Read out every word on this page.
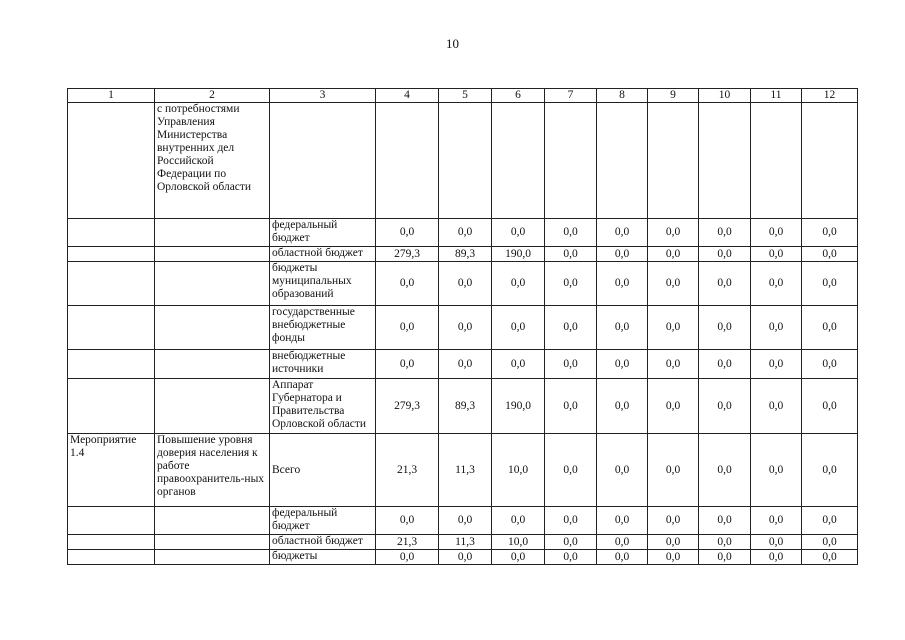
10
1	2	3	4	5	6	7	8	9	10	11	12
	с потребностями Управления Министерства внутренних дел Российской Федерации по Орловской области										
		федеральный бюджет	0,0	0,0	0,0	0,0	0,0	0,0	0,0	0,0	0,0
		областной бюджет	279,3	89,3	190,0	0,0	0,0	0,0	0,0	0,0	0,0
		бюджеты муниципальных образований	0,0	0,0	0,0	0,0	0,0	0,0	0,0	0,0	0,0
		государственные внебюджетные фонды	0,0	0,0	0,0	0,0	0,0	0,0	0,0	0,0	0,0
		внебюджетные источники	0,0	0,0	0,0	0,0	0,0	0,0	0,0	0,0	0,0
		Аппарат Губернатора и Правительства Орловской области	279,3	89,3	190,0	0,0	0,0	0,0	0,0	0,0	0,0
Мероприятие 1.4	Повышение уровня доверия населения к работе правоохранитель-ных органов	Всего	21,3	11,3	10,0	0,0	0,0	0,0	0,0	0,0	0,0
		федеральный бюджет	0,0	0,0	0,0	0,0	0,0	0,0	0,0	0,0	0,0
		областной бюджет	21,3	11,3	10,0	0,0	0,0	0,0	0,0	0,0	0,0
		бюджеты	0,0	0,0	0,0	0,0	0,0	0,0	0,0	0,0	0,0
